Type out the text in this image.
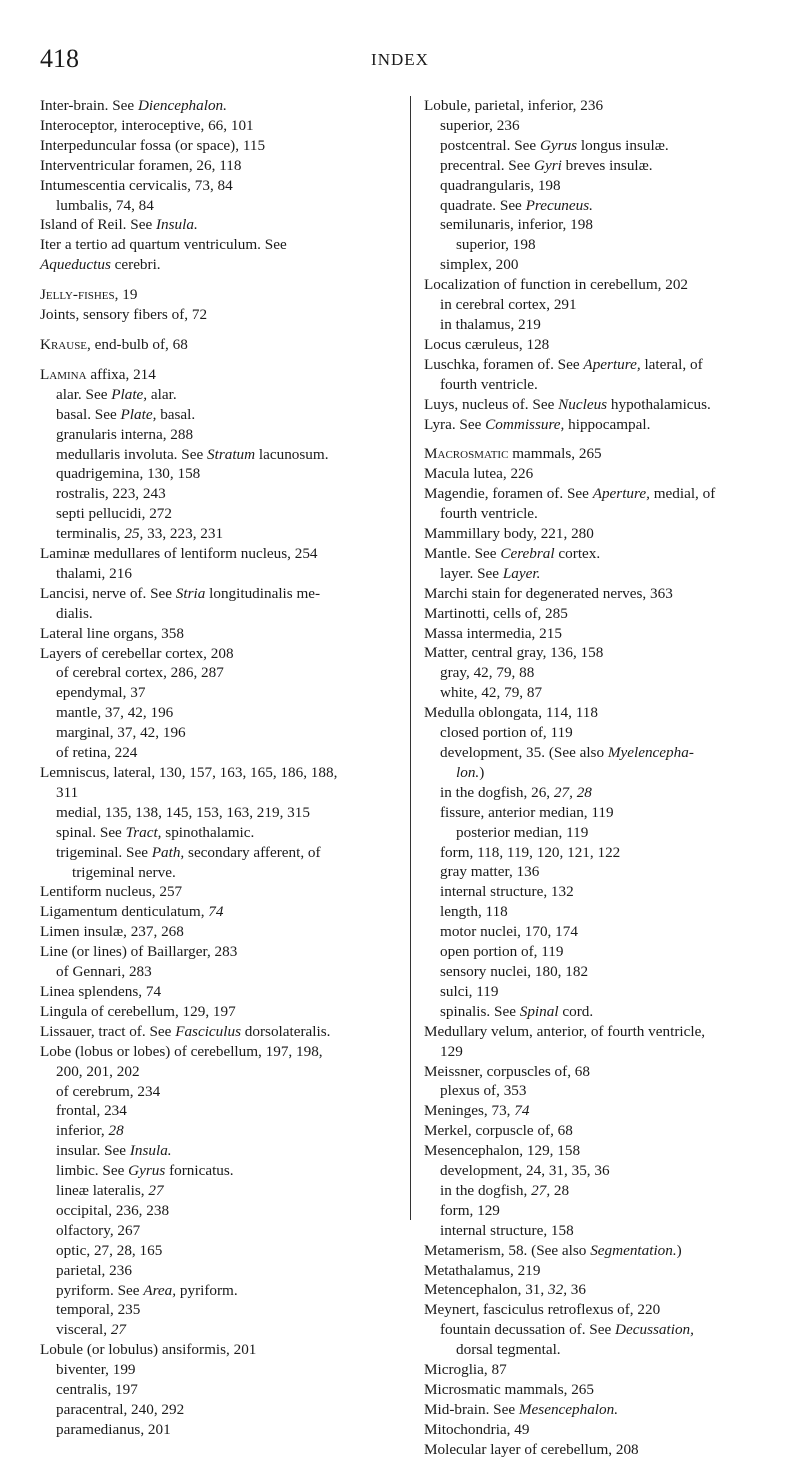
418	INDEX
Inter-brain. See Diencephalon.
Interoceptor, interoceptive, 66, 101
Interpeduncular fossa (or space), 115
Interventricular foramen, 26, 118
Intumescentia cervicalis, 73, 84
lumbalis, 74, 84
Island of Reil. See Insula.
Iter a tertio ad quartum ventriculum. See
Aqueductus cerebri.
Jelly-fishes, 19
Joints, sensory fibers of, 72
Krause, end-bulb of, 68
Lamina affixa, 214
alar. See Plate, alar.
basal. See Plate, basal.
granularis interna, 288
medullaris involuta. See Stratum lacunosum.
quadrigemina, 130, 158
rostralis, 223, 243
septi pellucidi, 272
terminalis, 25, 33, 223, 231
Laminæ medullares of lentiform nucleus, 254
thalami, 216
Lancisi, nerve of. See Stria longitudinalis me-
dialis.
Lateral line organs, 358
Layers of cerebellar cortex, 208
of cerebral cortex, 286, 287
ependymal, 37
mantle, 37, 42, 196
marginal, 37, 42, 196
of retina, 224
Lemniscus, lateral, 130, 157, 163, 165, 186, 188,
311
medial, 135, 138, 145, 153, 163, 219, 315
spinal. See Tract, spinothalamic.
trigeminal. See Path, secondary afferent, of
trigeminal nerve.
Lentiform nucleus, 257
Ligamentum denticulatum, 74
Limen insulæ, 237, 268
Line (or lines) of Baillarger, 283
of Gennari, 283
Linea splendens, 74
Lingula of cerebellum, 129, 197
Lissauer, tract of. See Fasciculus dorsolateralis.
Lobe (lobus or lobes) of cerebellum, 197, 198,
200, 201, 202
of cerebrum, 234
frontal, 234
inferior, 28
insular. See Insula.
limbic. See Gyrus fornicatus.
lineæ lateralis, 27
occipital, 236, 238
olfactory, 267
optic, 27, 28, 165
parietal, 236
pyriform. See Area, pyriform.
temporal, 235
visceral, 27
Lobule (or lobulus) ansiformis, 201
biventer, 199
centralis, 197
paracentral, 240, 292
paramedianus, 201
Lobule, parietal, inferior, 236
superior, 236
postcentral. See Gyrus longus insulæ.
precentral. See Gyri breves insulæ.
quadrangularis, 198
quadrate. See Precuneus.
semilunaris, inferior, 198
superior, 198
simplex, 200
Localization of function in cerebellum, 202
in cerebral cortex, 291
in thalamus, 219
Locus cæruleus, 128
Luschka, foramen of. See Aperture, lateral, of
fourth ventricle.
Luys, nucleus of. See Nucleus hypothalamicus.
Lyra. See Commissure, hippocampal.
Macrosmatic mammals, 265
Macula lutea, 226
Magendie, foramen of. See Aperture, medial, of
fourth ventricle.
Mammillary body, 221, 280
Mantle. See Cerebral cortex.
layer. See Layer.
Marchi stain for degenerated nerves, 363
Martinotti, cells of, 285
Massa intermedia, 215
Matter, central gray, 136, 158
gray, 42, 79, 88
white, 42, 79, 87
Medulla oblongata, 114, 118
closed portion of, 119
development, 35. (See also Myelencepha-
lon.)
in the dogfish, 26, 27, 28
fissure, anterior median, 119
posterior median, 119
form, 118, 119, 120, 121, 122
gray matter, 136
internal structure, 132
length, 118
motor nuclei, 170, 174
open portion of, 119
sensory nuclei, 180, 182
sulci, 119
spinalis. See Spinal cord.
Medullary velum, anterior, of fourth ventricle,
129
Meissner, corpuscles of, 68
plexus of, 353
Meninges, 73, 74
Merkel, corpuscle of, 68
Mesencephalon, 129, 158
development, 24, 31, 35, 36
in the dogfish, 27, 28
form, 129
internal structure, 158
Metamerism, 58. (See also Segmentation.)
Metathalamus, 219
Metencephalon, 31, 32, 36
Meynert, fasciculus retroflexus of, 220
fountain decussation of. See Decussation,
dorsal tegmental.
Microglia, 87
Microsmatic mammals, 265
Mid-brain. See Mesencephalon.
Mitochondria, 49
Molecular layer of cerebellum, 208
